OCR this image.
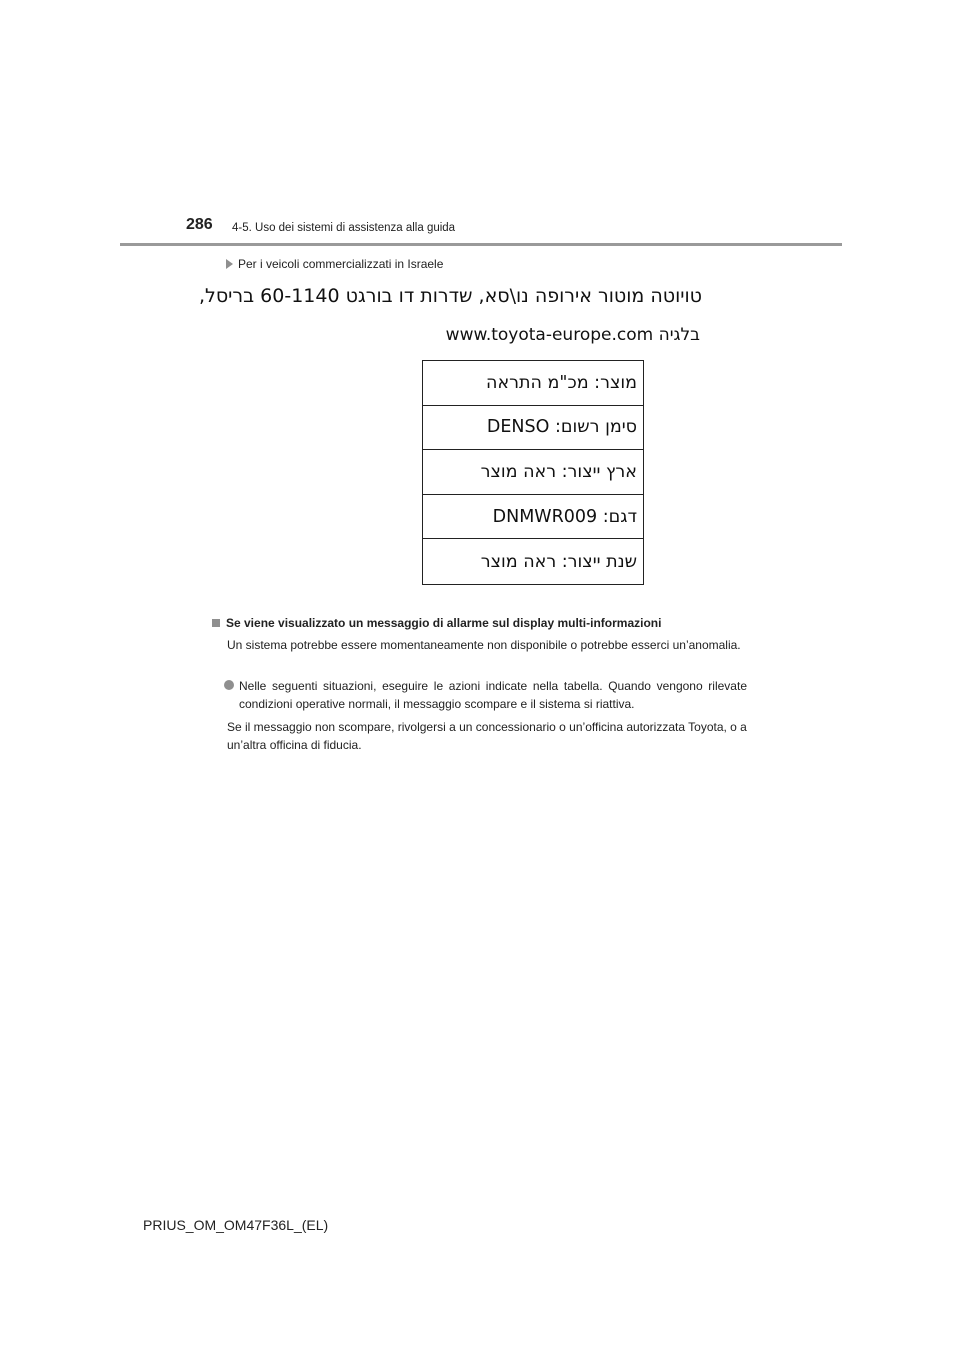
286 4-5. Uso dei sistemi di assistenza alla guida
Per i veicoli commercializzati in Israele
טויוטה מוטור אירופה נו\סא, שדרות דו בורגט 60-1140 בריסל,
בלגיה www.toyota-europe.com
מוצר: מכ"מ התראה
סימן רשום: DENSO
ארץ ייצור: ראה מוצר
דגם: DNMWR009
שנת ייצור: ראה מוצר
Se viene visualizzato un messaggio di allarme sul display multi-informazioni
Un sistema potrebbe essere momentaneamente non disponibile o potrebbe esserci un’anomalia.
Nelle seguenti situazioni, eseguire le azioni indicate nella tabella. Quando vengono rilevate condizioni operative normali, il messaggio scompare e il sistema si riattiva.
Se il messaggio non scompare, rivolgersi a un concessionario o un’officina autorizzata Toyota, o a un’altra officina di fiducia.
PRIUS_OM_OM47F36L_(EL)
